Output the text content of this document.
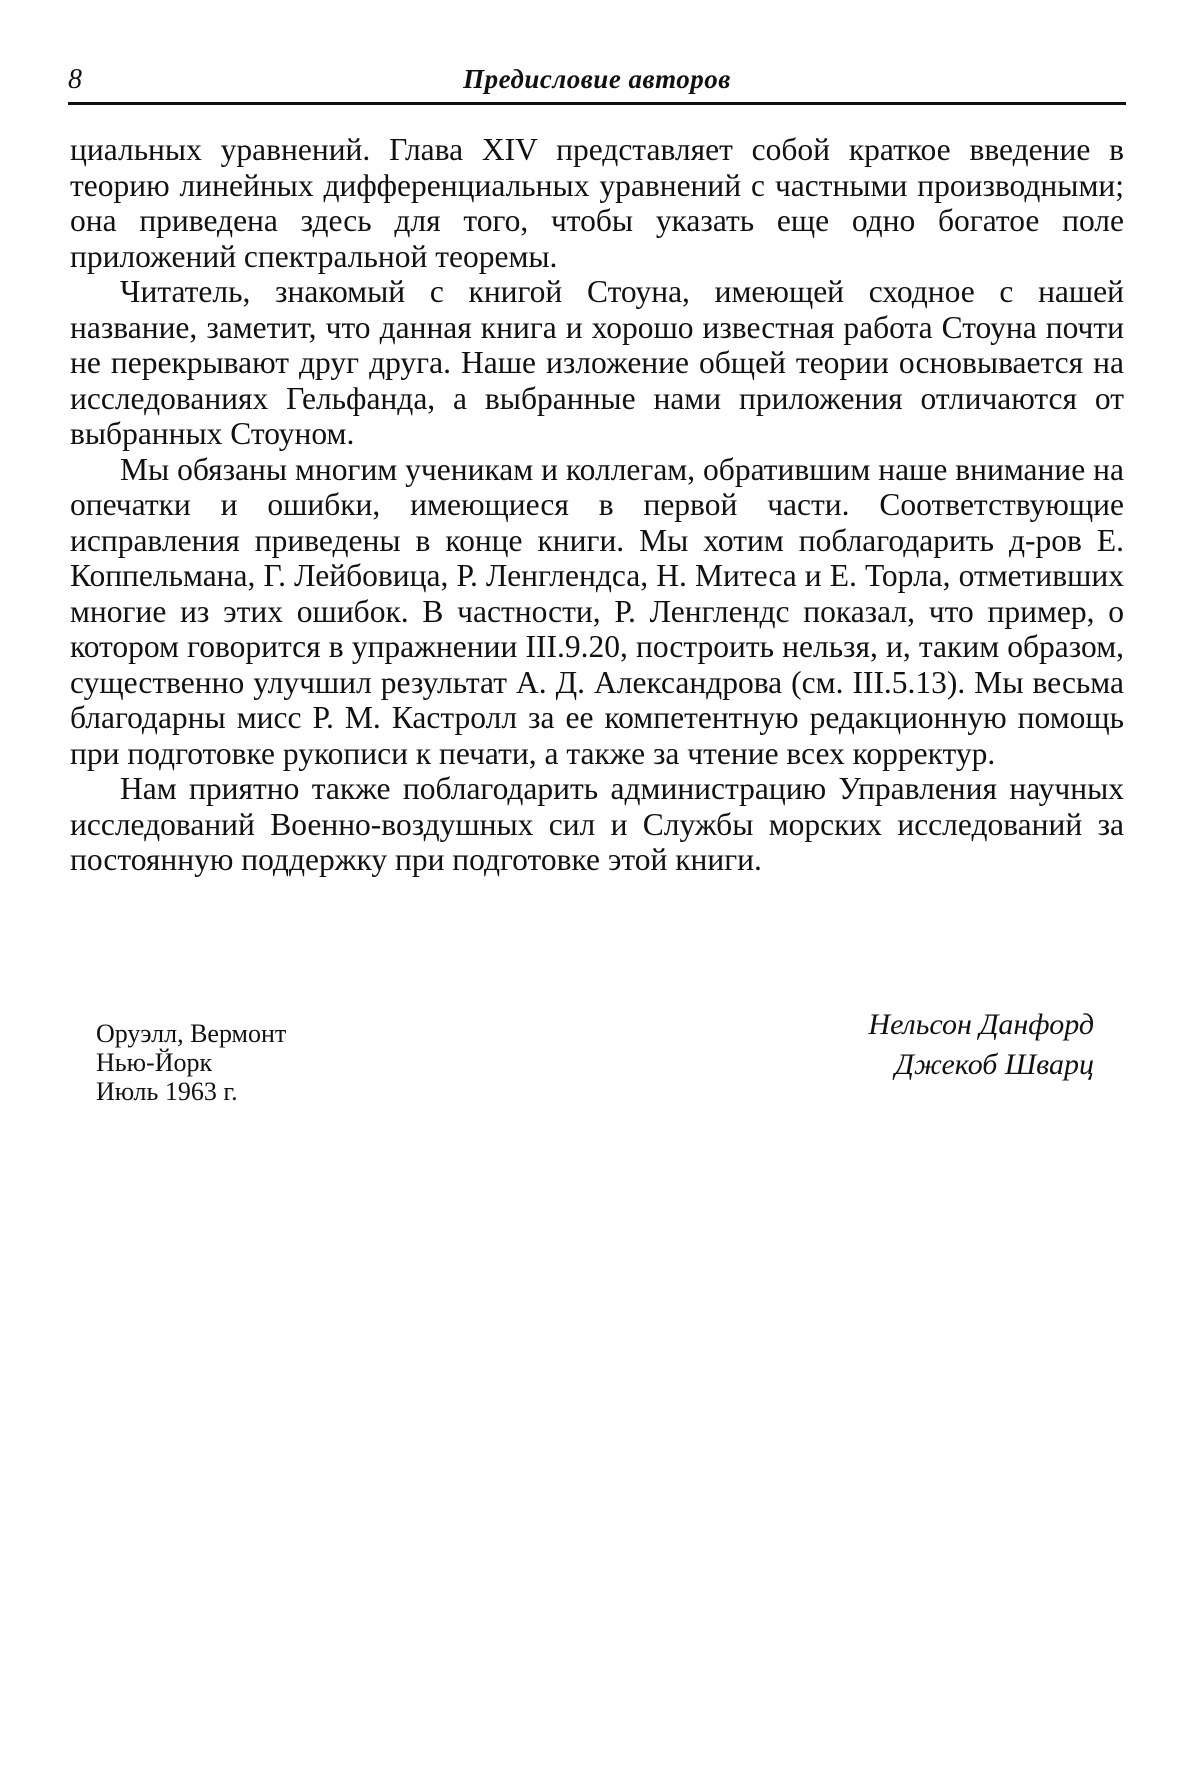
8	Предисловие авторов

циальных уравнений. Глава XIV представляет собой краткое введение в теорию линейных дифференциальных уравнений с частными производными; она приведена здесь для того, чтобы указать еще одно богатое поле приложений спектральной теоремы.

Читатель, знакомый с книгой Стоуна, имеющей сходное с нашей название, заметит, что данная книга и хорошо известная работа Стоуна почти не перекрывают друг друга. Наше изложение общей теории основывается на исследованиях Гельфанда, а выбранные нами приложения отличаются от выбранных Стоуном.

Мы обязаны многим ученикам и коллегам, обратившим наше внимание на опечатки и ошибки, имеющиеся в первой части. Соответствующие исправления приведены в конце книги. Мы хотим поблагодарить д-ров Е. Коппельмана, Г. Лейбовица, Р. Ленглендса, Н. Митеса и Е. Торла, отметивших многие из этих ошибок. В частности, Р. Ленглендс показал, что пример, о котором говорится в упражнении III.9.20, построить нельзя, и, таким образом, существенно улучшил результат А. Д. Александрова (см. III.5.13). Мы весьма благодарны мисс Р. М. Кастролл за ее компетентную редакционную помощь при подготовке рукописи к печати, а также за чтение всех корректур.

Нам приятно также поблагодарить администрацию Управления научных исследований Военно-воздушных сил и Службы морских исследований за постоянную поддержку при подготовке этой книги.

Оруэлл, Вермонт
Нью-Йорк
Июль 1963 г.
Нельсон Данфорд
Джекоб Шварц
